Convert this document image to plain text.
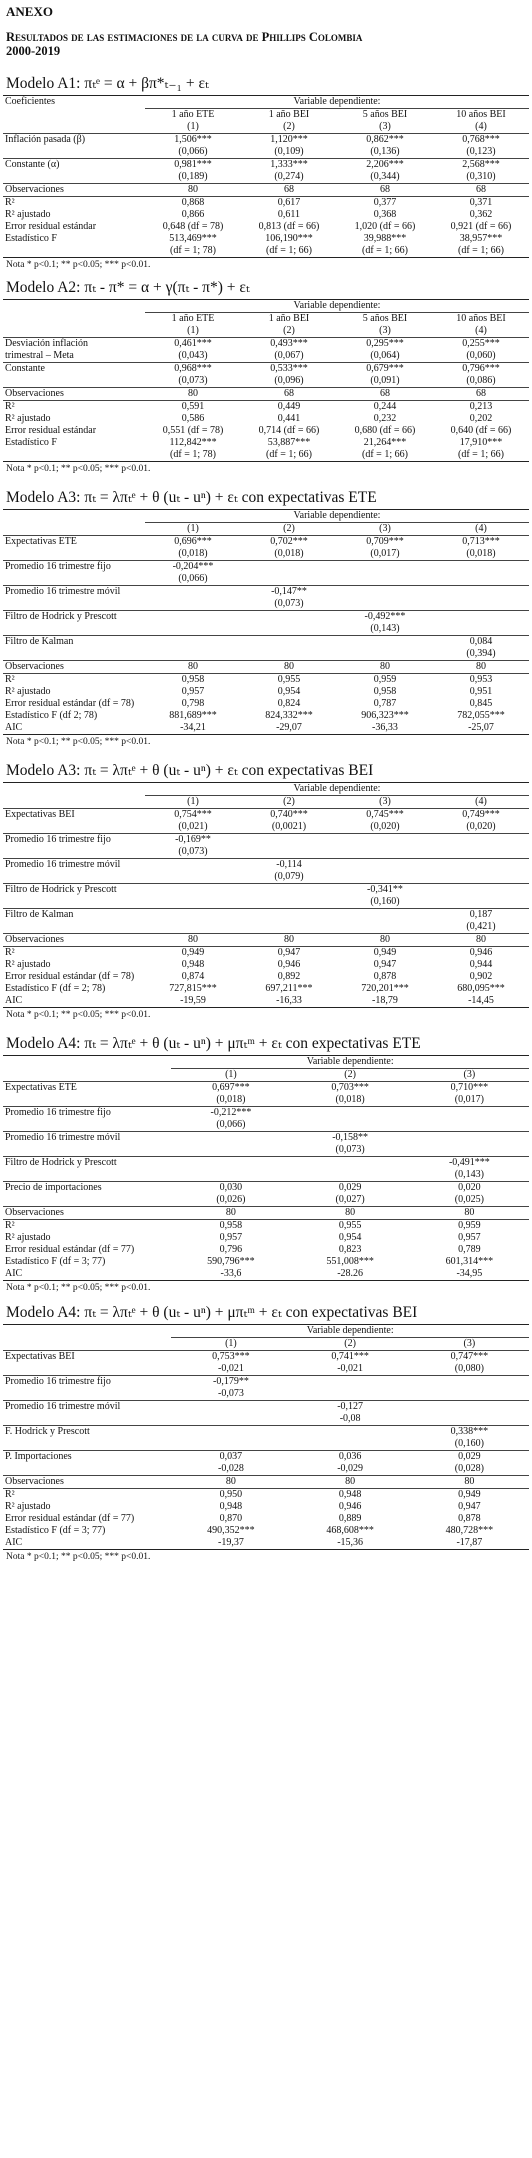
ANEXO
Resultados de las estimaciones de la curva de Phillips Colombia
2000-2019
Modelo A1: πₜᵉ = α + βπ*ₜ₋₁ + εₜ
Coeficientes	Variable dependiente:			
	1 año ETE	1 año BEI	5 años BEI	10 años BEI
	(1)	(2)	(3)	(4)
Inflación pasada (β)	1,506***	1,120***	0,862***	0,768***
	(0,066)	(0,109)	(0,136)	(0,123)
Constante (α)	0,981***	1,333***	2,206***	2,568***
	(0,189)	(0,274)	(0,344)	(0,310)
Observaciones	80	68	68	68
R²	0,868	0,617	0,377	0,371
R² ajustado	0,866	0,611	0,368	0,362
Error residual estándar	0,648 (df = 78)	0,813 (df = 66)	1,020 (df = 66)	0,921 (df = 66)
Estadístico F	513,469***	106,190***	39,988***	38,957***
	(df = 1; 78)	(df = 1; 66)	(df = 1; 66)	(df = 1; 66)
Nota * p<0.1; ** p<0.05; *** p<0.01.
Modelo A2: πₜ - π* = α + γ(πₜ - π*) + εₜ
	Variable dependiente:			
	1 año ETE	1 año BEI	5 años BEI	10 años BEI
	(1)	(2)	(3)	(4)
Desviación inflación	0,461***	0,493***	0,295***	0,255***
trimestral – Meta	(0,043)	(0,067)	(0,064)	(0,060)
Constante	0,968***	0,533***	0,679***	0,796***
	(0,073)	(0,096)	(0,091)	(0,086)
Observaciones	80	68	68	68
R²	0,591	0,449	0,244	0,213
R² ajustado	0,586	0,441	0,232	0,202
Error residual estándar	0,551 (df = 78)	0,714 (df = 66)	0,680 (df = 66)	0,640 (df = 66)
Estadístico F	112,842***	53,887***	21,264***	17,910***
	(df = 1; 78)	(df = 1; 66)	(df = 1; 66)	(df = 1; 66)
Nota * p<0.1; ** p<0.05; *** p<0.01.
Modelo A3: πₜ = λπₜᵉ + θ (uₜ - uⁿ) + εₜ con expectativas ETE
	Variable dependiente:			
	(1)	(2)	(3)	(4)
Expectativas ETE	0,696***	0,702***	0,709***	0,713***
	(0,018)	(0,018)	(0,017)	(0,018)
Promedio 16 trimestre fijo	-0,204***			
	(0,066)			
Promedio 16 trimestre móvil		-0,147**		
		(0,073)		
Filtro de Hodrick y Prescott			-0,492***	
			(0,143)	
Filtro de Kalman				0,084
				(0,394)
Observaciones	80	80	80	80
R²	0,958	0,955	0,959	0,953
R² ajustado	0,957	0,954	0,958	0,951
Error residual estándar (df = 78)	0,798	0,824	0,787	0,845
Estadístico F (df 2; 78)	881,689***	824,332***	906,323***	782,055***
AIC	-34,21	-29,07	-36,33	-25,07
Nota * p<0.1; ** p<0.05; *** p<0.01.
Modelo A3: πₜ = λπₜᵉ + θ (uₜ - uⁿ) + εₜ con expectativas BEI
	Variable dependiente:			
	(1)	(2)	(3)	(4)
Expectativas BEI	0,754***	0,740***	0,745***	0,749***
	(0,021)	(0,0021)	(0,020)	(0,020)
Promedio 16 trimestre fijo	-0,169**			
	(0,073)			
Promedio 16 trimestre móvil		-0,114		
		(0,079)		
Filtro de Hodrick y Prescott			-0,341**	
			(0,160)	
Filtro de Kalman				0,187
				(0,421)
Observaciones	80	80	80	80
R²	0,949	0,947	0,949	0,946
R² ajustado	0,948	0,946	0,947	0,944
Error residual estándar (df = 78)	0,874	0,892	0,878	0,902
Estadístico F (df = 2; 78)	727,815***	697,211***	720,201***	680,095***
AIC	-19,59	-16,33	-18,79	-14,45
Nota * p<0.1; ** p<0.05; *** p<0.01.
Modelo A4: πₜ = λπₜᵉ + θ (uₜ - uⁿ) + μπₜᵐ + εₜ con expectativas ETE
	Variable dependiente:		
	(1)	(2)	(3)
Expectativas ETE	0,697***	0,703***	0,710***
	(0,018)	(0,018)	(0,017)
Promedio 16 trimestre fijo	-0,212***		
	(0,066)		
Promedio 16 trimestre móvil		-0,158**	
		(0,073)	
Filtro de Hodrick y Prescott			-0,491***
			(0,143)
Precio de importaciones	0,030	0,029	0,020
	(0,026)	(0,027)	(0,025)
Observaciones	80	80	80
R²	0,958	0,955	0,959
R² ajustado	0,957	0,954	0,957
Error residual estándar (df = 77)	0,796	0,823	0,789
Estadístico F (df = 3; 77)	590,796***	551,008***	601,314***
AIC	-33,6	-28.26	-34,95
Nota * p<0.1; ** p<0.05; *** p<0.01.
Modelo A4: πₜ = λπₜᵉ + θ (uₜ - uⁿ) + μπₜᵐ + εₜ con expectativas BEI
	Variable dependiente:		
	(1)	(2)	(3)
Expectativas BEI	0,753***	0,741***	0,747***
	-0,021	-0,021	(0,080)
Promedio 16 trimestre fijo	-0,179**		
	-0,073		
Promedio 16 trimestre móvil		-0,127	
		-0,08	
F. Hodrick y Prescott			0,338***
			(0,160)
P. Importaciones	0,037	0,036	0,029
	-0,028	-0,029	(0,028)
Observaciones	80	80	80
R²	0,950	0,948	0,949
R² ajustado	0,948	0,946	0,947
Error residual estándar (df = 77)	0,870	0,889	0,878
Estadístico F (df = 3; 77)	490,352***	468,608***	480,728***
AIC	-19,37	-15,36	-17,87
Nota * p<0.1; ** p<0.05; *** p<0.01.
